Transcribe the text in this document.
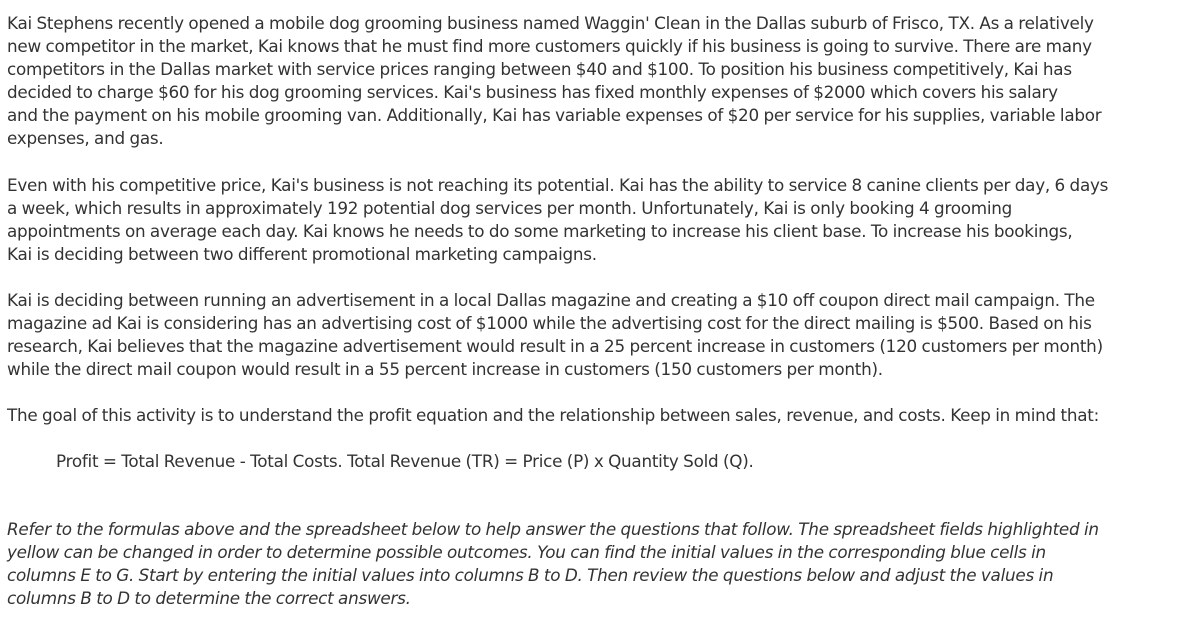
Kai Stephens recently opened a mobile dog grooming business named Waggin' Clean in the Dallas suburb of Frisco, TX. As a relatively
new competitor in the market, Kai knows that he must find more customers quickly if his business is going to survive. There are many
competitors in the Dallas market with service prices ranging between $40 and $100. To position his business competitively, Kai has
decided to charge $60 for his dog grooming services. Kai's business has fixed monthly expenses of $2000 which covers his salary
and the payment on his mobile grooming van. Additionally, Kai has variable expenses of $20 per service for his supplies, variable labor
expenses, and gas.

Even with his competitive price, Kai's business is not reaching its potential. Kai has the ability to service 8 canine clients per day, 6 days
a week, which results in approximately 192 potential dog services per month. Unfortunately, Kai is only booking 4 grooming
appointments on average each day. Kai knows he needs to do some marketing to increase his client base. To increase his bookings,
Kai is deciding between two different promotional marketing campaigns.

Kai is deciding between running an advertisement in a local Dallas magazine and creating a $10 off coupon direct mail campaign. The
magazine ad Kai is considering has an advertising cost of $1000 while the advertising cost for the direct mailing is $500. Based on his
research, Kai believes that the magazine advertisement would result in a 25 percent increase in customers (120 customers per month)
while the direct mail coupon would result in a 55 percent increase in customers (150 customers per month).

The goal of this activity is to understand the profit equation and the relationship between sales, revenue, and costs. Keep in mind that:

Profit = Total Revenue - Total Costs. Total Revenue (TR) = Price (P) x Quantity Sold (Q).

Refer to the formulas above and the spreadsheet below to help answer the questions that follow. The spreadsheet fields highlighted in
yellow can be changed in order to determine possible outcomes. You can find the initial values in the corresponding blue cells in
columns E to G. Start by entering the initial values into columns B to D. Then review the questions below and adjust the values in
columns B to D to determine the correct answers.
